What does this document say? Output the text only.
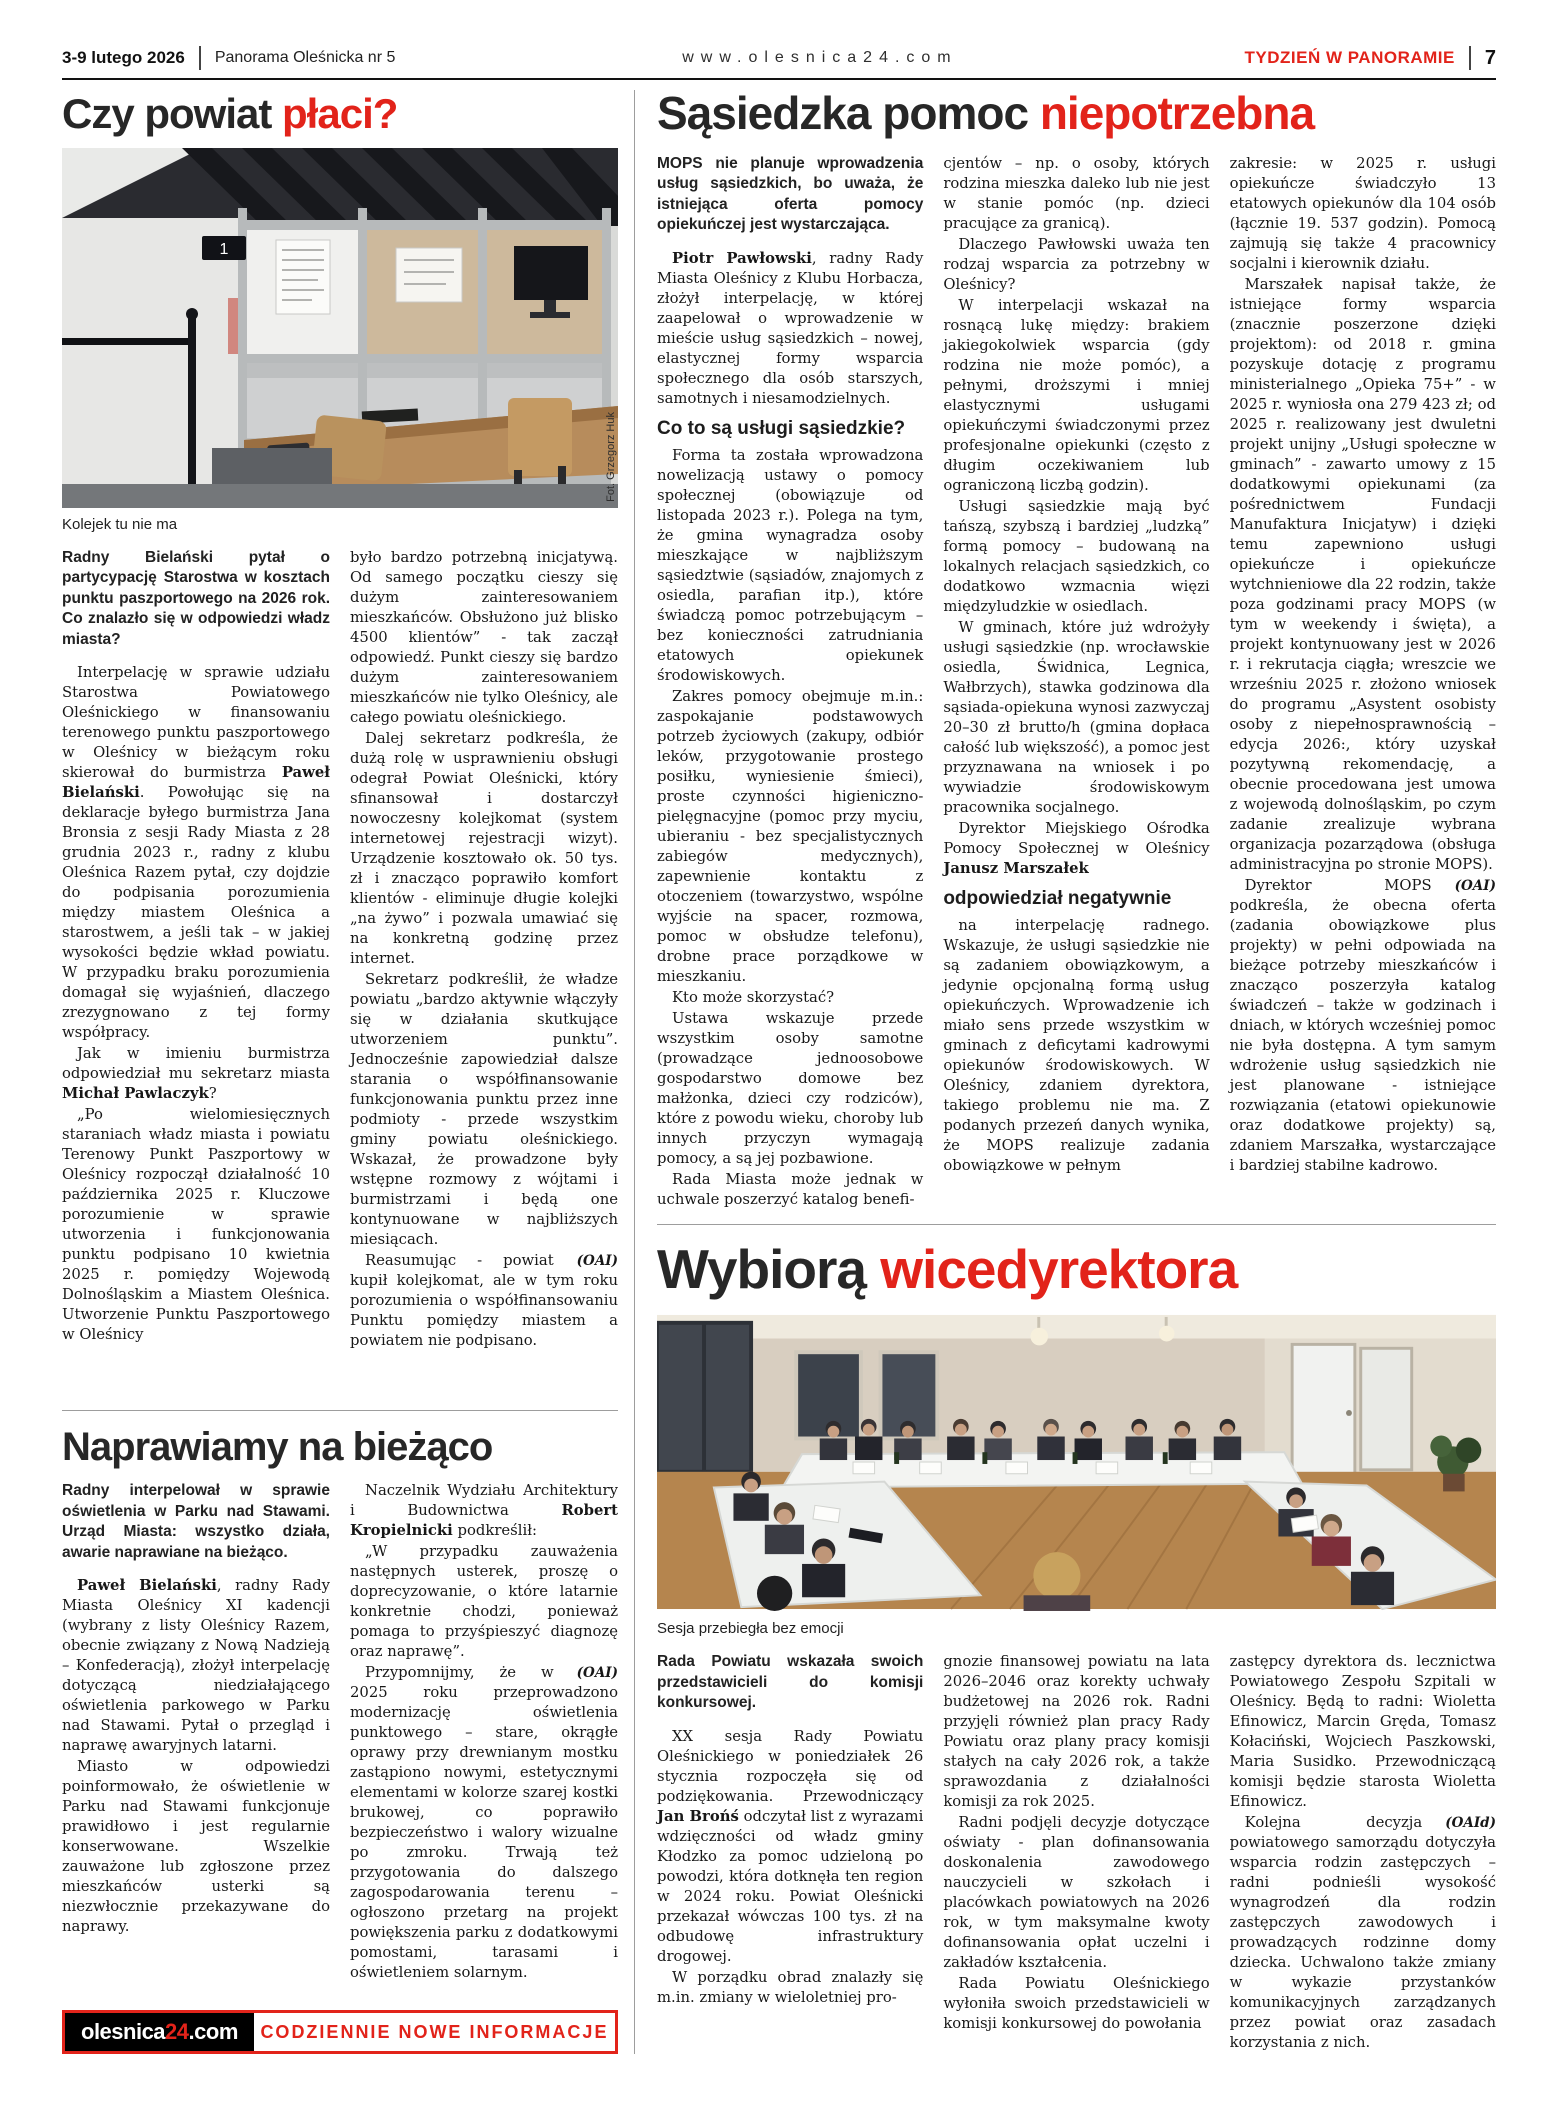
3-9 lutego 2026 Panorama Oleśnicka nr 5	www.olesnica24.com	TYDZIEŃ W PANORAMIE 7
Czy powiat płaci?
1
Fot. Grzegorz Huk
Kolejek tu nie ma
Radny Bielański pytał o partycypację Starostwa w kosztach punktu paszportowego na 2026 rok. Co znalazło się w odpowiedzi władz miasta?

Interpelację w sprawie udziału Starostwa Powiatowego Oleśnickiego w finansowaniu terenowego punktu paszportowego w Oleśnicy w bieżącym roku skierował do burmistrza Paweł Bielański. Powołując się na deklaracje byłego burmistrza Jana Bronsia z sesji Rady Miasta z 28 grudnia 2023 r., radny z klubu Oleśnica Razem pytał, czy dojdzie do podpisania porozumienia między miastem Oleśnica a starostwem, a jeśli tak – w jakiej wysokości będzie wkład powiatu. W przypadku braku porozumienia domagał się wyjaśnień, dlaczego zrezygnowano z tej formy współpracy.

Jak w imieniu burmistrza odpowiedział mu sekretarz miasta Michał Pawlaczyk?

„Po wielomiesięcznych staraniach władz miasta i powiatu Terenowy Punkt Paszportowy w Oleśnicy rozpoczął działalność 10 października 2025 r. Kluczowe porozumienie w sprawie utworzenia i funkcjonowania punktu podpisano 10 kwietnia 2025 r. pomiędzy Wojewodą Dolnośląskim a Miastem Oleśnica. Utworzenie Punktu Paszportowego w Oleśnicy

było bardzo potrzebną inicjatywą. Od samego początku cieszy się dużym zainteresowaniem mieszkańców. Obsłużono już blisko 4500 klientów” - tak zaczął odpowiedź. Punkt cieszy się bardzo dużym zainteresowaniem mieszkańców nie tylko Oleśnicy, ale całego powiatu oleśnickiego.

Dalej sekretarz podkreśla, że dużą rolę w usprawnieniu obsługi odegrał Powiat Oleśnicki, który sfinansował i dostarczył nowoczesny kolejkomat (system internetowej rejestracji wizyt). Urządzenie kosztowało ok. 50 tys. zł i znacząco poprawiło komfort klientów - eliminuje długie kolejki „na żywo” i pozwala umawiać się na konkretną godzinę przez internet.

Sekretarz podkreślił, że władze powiatu „bardzo aktywnie włączyły się w działania skutkujące utworzeniem punktu”. Jednocześnie zapowiedział dalsze starania o współfinansowanie funkcjonowania punktu przez inne podmioty - przede wszystkim gminy powiatu oleśnickiego. Wskazał, że prowadzone były wstępne rozmowy z wójtami i burmistrzami i będą one kontynuowane w najbliższych miesiącach.

(OAI)
Reasumując - powiat kupił kolejkomat, ale w tym roku porozumienia o współfinansowaniu Punktu pomiędzy miastem a powiatem nie podpisano.

Naprawiamy na bieżąco
Radny interpelował w sprawie oświetlenia w Parku nad Stawami. Urząd Miasta: wszystko działa, awarie naprawiane na bieżąco.

Paweł Bielański, radny Rady Miasta Oleśnicy XI kadencji (wybrany z listy Oleśnicy Razem, obecnie związany z Nową Nadzieją – Konfederacją), złożył interpelację dotyczącą niedziałającego oświetlenia parkowego w Parku nad Stawami. Pytał o przegląd i naprawę awaryjnych latarni.

Miasto w odpowiedzi poinformowało, że oświetlenie w Parku nad Stawami funkcjonuje prawidłowo i jest regularnie konserwowane. Wszelkie zauważone lub zgłoszone przez mieszkańców usterki są niezwłocznie przekazywane do naprawy.

Naczelnik Wydziału Architektury i Budownictwa Robert Kropielnicki podkreślił:

„W przypadku zauważenia następnych usterek, proszę o doprecyzowanie, o które latarnie konkretnie chodzi, ponieważ pomaga to przyśpieszyć diagnozę oraz naprawę”.

(OAI)
Przypomnijmy, że w 2025 roku przeprowadzono modernizację oświetlenia punktowego – stare, okrągłe oprawy przy drewnianym mostku zastąpiono nowymi, estetycznymi elementami w kolorze szarej kostki brukowej, co poprawiło bezpieczeństwo i walory wizualne po zmroku. Trwają też przygotowania do dalszego zagospodarowania terenu – ogłoszono przetarg na projekt powiększenia parku z dodatkowymi pomostami, tarasami i oświetleniem solarnym.

olesnica 24 .com	CODZIENNIE NOWE INFORMACJE
Sąsiedzka pomoc niepotrzebna
MOPS nie planuje wprowadzenia usług sąsiedzkich, bo uważa, że istniejąca oferta pomocy opiekuńczej jest wystarczająca.

Piotr Pawłowski, radny Rady Miasta Oleśnicy z Klubu Horbacza, złożył interpelację, w której zaapelował o wprowadzenie w mieście usług sąsiedzkich – nowej, elastycznej formy wsparcia społecznego dla osób starszych, samotnych i niesamodzielnych.

Co to są usługi sąsiedzkie?

Forma ta została wprowadzona nowelizacją ustawy o pomocy społecznej (obowiązuje od listopada 2023 r.). Polega na tym, że gmina wynagradza osoby mieszkające w najbliższym sąsiedztwie (sąsiadów, znajomych z osiedla, parafian itp.), które świadczą pomoc potrzebującym – bez konieczności zatrudniania etatowych opiekunek środowiskowych.

Zakres pomocy obejmuje m.in.: zaspokajanie podstawowych potrzeb życiowych (zakupy, odbiór leków, przygotowanie prostego posiłku, wyniesienie śmieci), proste czynności higieniczno-pielęgnacyjne (pomoc przy myciu, ubieraniu - bez specjalistycznych zabiegów medycznych), zapewnienie kontaktu z otoczeniem (towarzystwo, wspólne wyjście na spacer, rozmowa, pomoc w obsłudze telefonu), drobne prace porządkowe w mieszkaniu.

Kto może skorzystać?

Ustawa wskazuje przede wszystkim osoby samotne (prowadzące jednoosobowe gospodarstwo domowe bez małżonka, dzieci czy rodziców), które z powodu wieku, choroby lub innych przyczyn wymagają pomocy, a są jej pozbawione.

Rada Miasta może jednak w uchwale poszerzyć katalog benefi-

cjentów – np. o osoby, których rodzina mieszka daleko lub nie jest w stanie pomóc (np. dzieci pracujące za granicą).

Dlaczego Pawłowski uważa ten rodzaj wsparcia za potrzebny w Oleśnicy?

W interpelacji wskazał na rosnącą lukę między: brakiem jakiegokolwiek wsparcia (gdy rodzina nie może pomóc), a pełnymi, droższymi i mniej elastycznymi usługami opiekuńczymi świadczonymi przez profesjonalne opiekunki (często z długim oczekiwaniem lub ograniczoną liczbą godzin).

Usługi sąsiedzkie mają być tańszą, szybszą i bardziej „ludzką” formą pomocy – budowaną na lokalnych relacjach sąsiedzkich, co dodatkowo wzmacnia więzi międzyludzkie w osiedlach.

W gminach, które już wdrożyły usługi sąsiedzkie (np. wrocławskie osiedla, Świdnica, Legnica, Wałbrzych), stawka godzinowa dla sąsiada-opiekuna wynosi zazwyczaj 20–30 zł brutto/h (gmina dopłaca całość lub większość), a pomoc jest przyznawana na wniosek i po wywiadzie środowiskowym pracownika socjalnego.

Dyrektor Miejskiego Ośrodka Pomocy Społecznej w Oleśnicy Janusz Marszałek

odpowiedział negatywnie

na interpelację radnego. Wskazuje, że usługi sąsiedzkie nie są zadaniem obowiązkowym, a jedynie opcjonalną formą usług opiekuńczych. Wprowadzenie ich miało sens przede wszystkim w gminach z deficytami kadrowymi opiekunów środowiskowych. W Oleśnicy, zdaniem dyrektora, takiego problemu nie ma. Z podanych przezeń danych wynika, że MOPS realizuje zadania obowiązkowe w pełnym

zakresie: w 2025 r. usługi opiekuńcze świadczyło 13 etatowych opiekunów dla 104 osób (łącznie 19. 537 godzin). Pomocą zajmują się także 4 pracownicy socjalni i kierownik działu.

Marszałek napisał także, że istniejące formy wsparcia (znacznie poszerzone dzięki projektom): od 2018 r. gmina pozyskuje dotację z programu ministerialnego „Opieka 75+” - w 2025 r. wyniosła ona 279 423 zł; od 2025 r. realizowany jest dwuletni projekt unijny „Usługi społeczne w gminach” - zawarto umowy z 15 dodatkowymi opiekunami (za pośrednictwem Fundacji Manufaktura Inicjatyw) i dzięki temu zapewniono usługi opiekuńcze i opiekuńcze wytchnieniowe dla 22 rodzin, także poza godzinami pracy MOPS (w tym w weekendy i święta), a projekt kontynuowany jest w 2026 r. i rekrutacja ciągła; wreszcie we wrześniu 2025 r. złożono wniosek do programu „Asystent osobisty osoby z niepełnosprawnością – edycja 2026:, który uzyskał pozytywną rekomendację, a obecnie procedowana jest umowa z wojewodą dolnośląskim, po czym zadanie zrealizuje wybrana organizacja pozarządowa (obsługa administracyjna po stronie MOPS).

(OAI)
Dyrektor MOPS podkreśla, że obecna oferta (zadania obowiązkowe plus projekty) w pełni odpowiada na bieżące potrzeby mieszkańców i znacząco poszerzyła katalog świadczeń – także w godzinach i dniach, w których wcześniej pomoc nie była dostępna. A tym samym wdrożenie usług sąsiedzkich nie jest planowane - istniejące rozwiązania (etatowi opiekunowie oraz dodatkowe projekty) są, zdaniem Marszałka, wystarczające i bardziej stabilne kadrowo.

Wybiorą wicedyrektora
Sesja przebiegła bez emocji
Rada Powiatu wskazała swoich przedstawicieli do komisji konkursowej.

XX sesja Rady Powiatu Oleśnickiego w poniedziałek 26 stycznia rozpoczęła się od podziękowania. Przewodniczący Jan Brońś odczytał list z wyrazami wdzięczności od władz gminy Kłodzko za pomoc udzieloną po powodzi, która dotknęła ten region w 2024 roku. Powiat Oleśnicki przekazał wówczas 100 tys. zł na odbudowę infrastruktury drogowej.

W porządku obrad znalazły się m.in. zmiany w wieloletniej pro-

gnozie finansowej powiatu na lata 2026–2046 oraz korekty uchwały budżetowej na 2026 rok. Radni przyjęli również plan pracy Rady Powiatu oraz plany pracy komisji stałych na cały 2026 rok, a także sprawozdania z działalności komisji za rok 2025.

Radni podjęli decyzje dotyczące oświaty - plan dofinansowania doskonalenia zawodowego nauczycieli w szkołach i placówkach powiatowych na 2026 rok, w tym maksymalne kwoty dofinansowania opłat uczelni i zakładów kształcenia.

Rada Powiatu Oleśnickiego wyłoniła swoich przedstawicieli w komisji konkursowej do powołania

zastępcy dyrektora ds. lecznictwa Powiatowego Zespołu Szpitali w Oleśnicy. Będą to radni: Wioletta Efinowicz, Marcin Gręda, Tomasz Kołaciński, Wojciech Paszkowski, Maria Susidko. Przewodniczącą komisji będzie starosta Wioletta Efinowicz.

(OAId)
Kolejna decyzja powiatowego samorządu dotyczyła wsparcia rodzin zastępczych – radni podnieśli wysokość wynagrodzeń dla rodzin zastępczych zawodowych i prowadzących rodzinne domy dziecka. Uchwalono także zmiany w wykazie przystanków komunikacyjnych zarządzanych przez powiat oraz zasadach korzystania z nich.
